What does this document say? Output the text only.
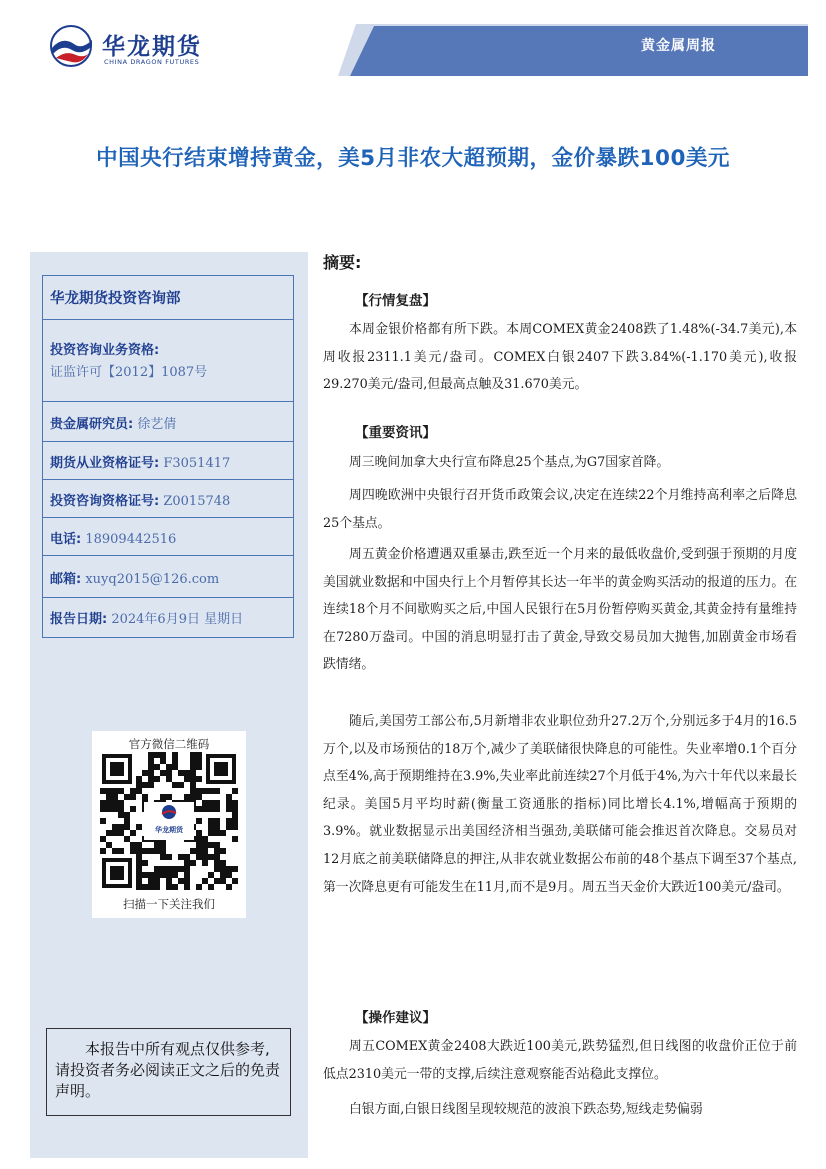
华龙期货
CHINA DRAGON FUTURES
黄金属周报
中国央行结束增持黄金，美5月非农大超预期，金价暴跌100美元
华龙期货投资咨询部
投资咨询业务资格:
证监许可【2012】1087号
贵金属研究员: 徐艺倩
期货从业资格证号: F3051417
投资咨询资格证号: Z0015748
电话: 18909442516
邮箱: xuyq2015@126.com
报告日期: 2024年6月9日 星期日
官方微信二维码
华龙期货
扫描一下关注我们
本报告中所有观点仅供参考,请投资者务必阅读正文之后的免责声明。
摘要:
【行情复盘】
本周金银价格都有所下跌。本周COMEX黄金2408跌了1.48%(-34.7美元),本周收报2311.1美元/盎司。COMEX白银2407下跌3.84%(-1.170美元),收报29.270美元/盎司,但最高点触及31.670美元。
【重要资讯】
周三晚间加拿大央行宣布降息25个基点,为G7国家首降。
周四晚欧洲中央银行召开货币政策会议,决定在连续22个月维持高利率之后降息25个基点。
周五黄金价格遭遇双重暴击,跌至近一个月来的最低收盘价,受到强于预期的月度美国就业数据和中国央行上个月暂停其长达一年半的黄金购买活动的报道的压力。在连续18个月不间歇购买之后,中国人民银行在5月份暂停购买黄金,其黄金持有量维持在7280万盎司。中国的消息明显打击了黄金,导致交易员加大抛售,加剧黄金市场看跌情绪。
随后,美国劳工部公布,5月新增非农业职位劲升27.2万个,分别远多于4月的16.5万个,以及市场预估的18万个,减少了美联储很快降息的可能性。失业率增0.1个百分点至4%,高于预期维持在3.9%,失业率此前连续27个月低于4%,为六十年代以来最长纪录。美国5月平均时薪(衡量工资通胀的指标)同比增长4.1%,增幅高于预期的3.9%。就业数据显示出美国经济相当强劲,美联储可能会推迟首次降息。交易员对12月底之前美联储降息的押注,从非农就业数据公布前的48个基点下调至37个基点,第一次降息更有可能发生在11月,而不是9月。周五当天金价大跌近100美元/盎司。
【操作建议】
周五COMEX黄金2408大跌近100美元,跌势猛烈,但日线图的收盘价正位于前低点2310美元一带的支撑,后续注意观察能否站稳此支撑位。
白银方面,白银日线图呈现较规范的波浪下跌态势,短线走势偏弱
